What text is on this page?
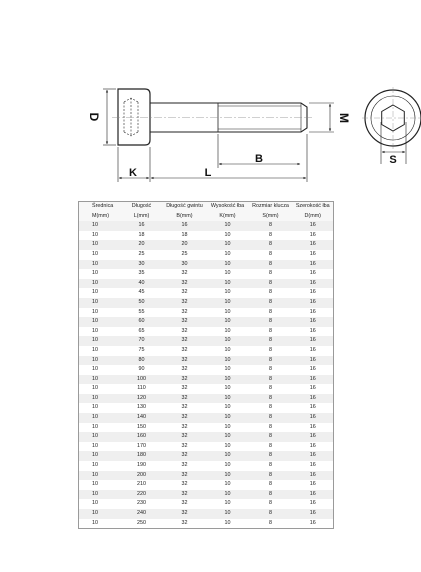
D	M
K	L
B	S
Średnica	Długość	Długość gwintu	Wysokość łba	Rozmiar klucza	Szerokość łba
M(mm)	L(mm)	B(mm)	K(mm)	S(mm)	D(mm)
10	16	16	10	8	16
10	18	18	10	8	16
10	20	20	10	8	16
10	25	25	10	8	16
10	30	30	10	8	16
10	35	32	10	8	16
10	40	32	10	8	16
10	45	32	10	8	16
10	50	32	10	8	16
10	55	32	10	8	16
10	60	32	10	8	16
10	65	32	10	8	16
10	70	32	10	8	16
10	75	32	10	8	16
10	80	32	10	8	16
10	90	32	10	8	16
10	100	32	10	8	16
10	110	32	10	8	16
10	120	32	10	8	16
10	130	32	10	8	16
10	140	32	10	8	16
10	150	32	10	8	16
10	160	32	10	8	16
10	170	32	10	8	16
10	180	32	10	8	16
10	190	32	10	8	16
10	200	32	10	8	16
10	210	32	10	8	16
10	220	32	10	8	16
10	230	32	10	8	16
10	240	32	10	8	16
10	250	32	10	8	16
